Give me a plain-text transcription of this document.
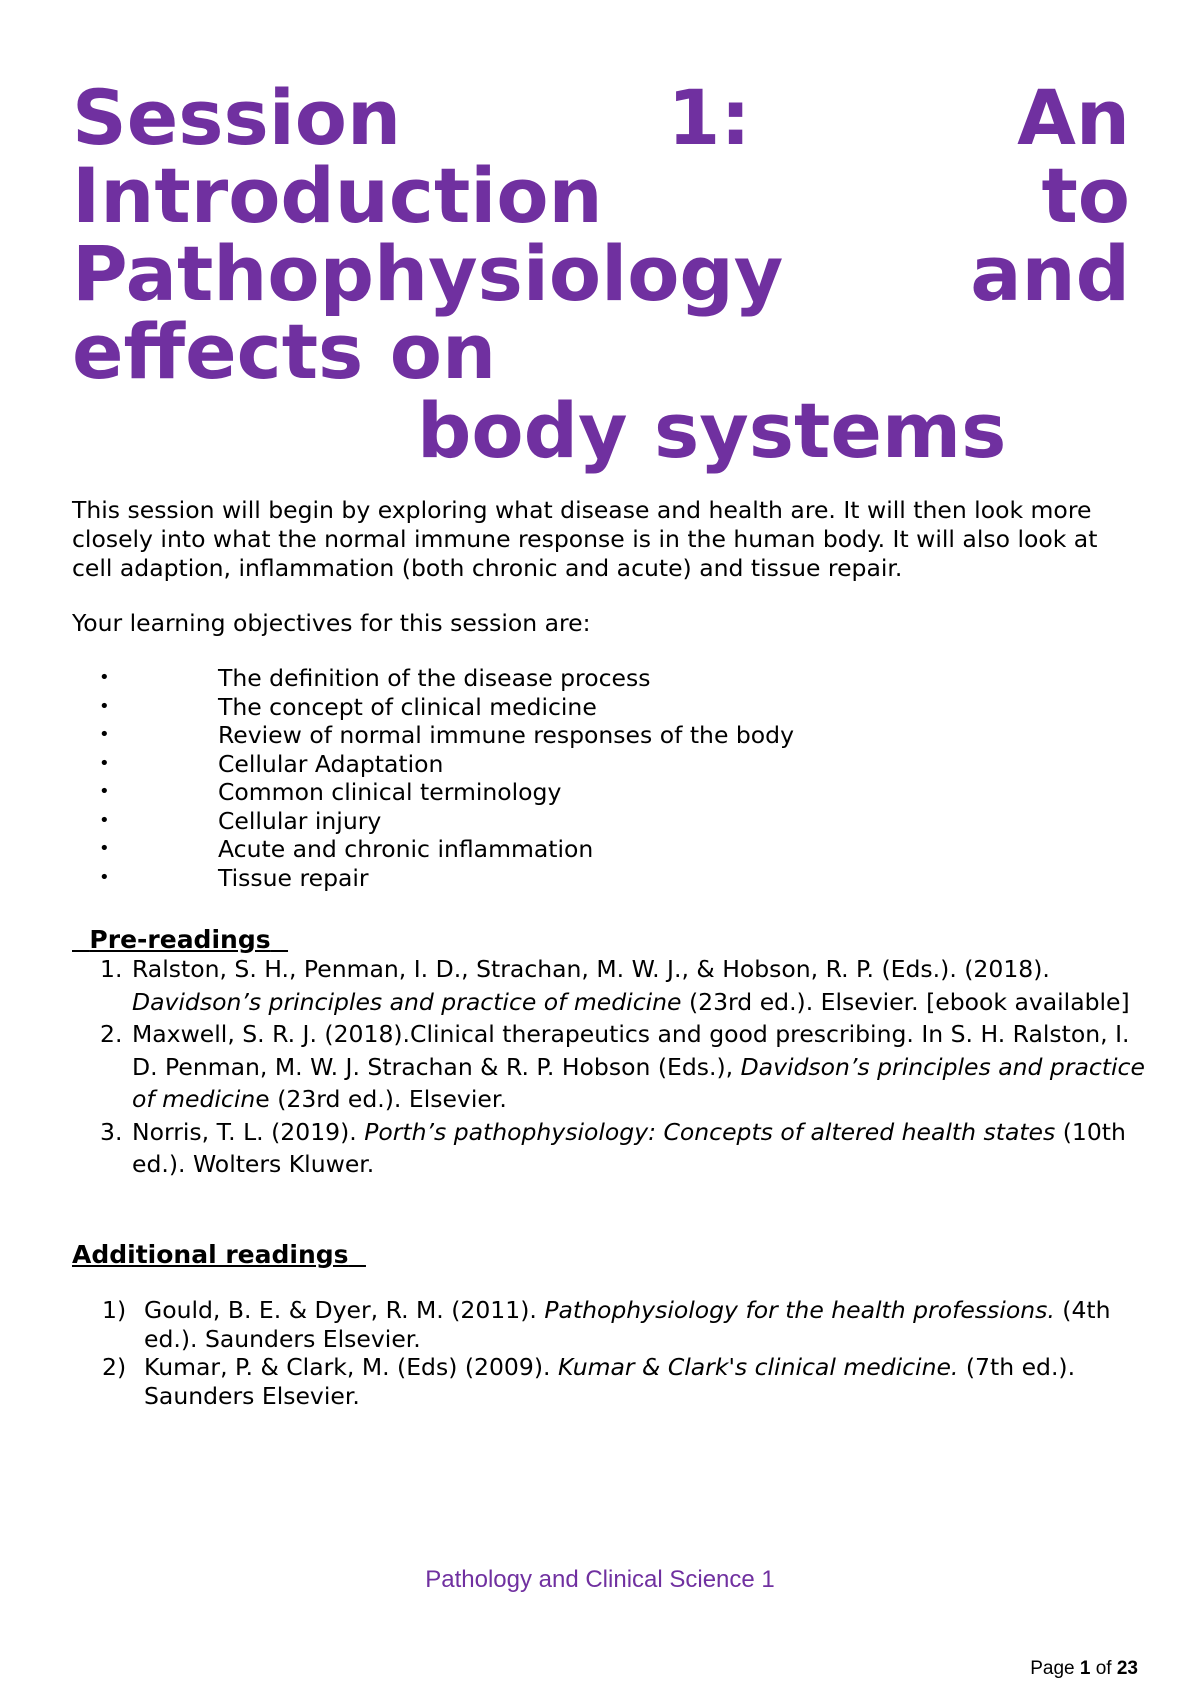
Session	1:	An
Introduction	to
Pathophysiology and
effects on
body systems

This session will begin by exploring what disease and health are. It will then look more closely into what the normal immune response is in the human body. It will also look at cell adaption, inflammation (both chronic and acute) and tissue repair.

Your learning objectives for this session are:

•	The definition of the disease process
•	The concept of clinical medicine
•	Review of normal immune responses of the body
•	Cellular Adaptation
•	Common clinical terminology
•	Cellular injury
•	Acute and chronic inflammation
•	Tissue repair
Pre-readings
1. Ralston, S. H., Penman, I. D., Strachan, M. W. J., & Hobson, R. P. (Eds.). (2018). Davidson’s principles and practice of medicine (23rd ed.). Elsevier. [ebook available]
2. Maxwell, S. R. J. (2018).Clinical therapeutics and good prescribing. In S. H. Ralston, I. D. Penman, M. W. J. Strachan & R. P. Hobson (Eds.), Davidson’s principles and practice of medicine (23rd ed.). Elsevier.
3. Norris, T. L. (2019). Porth’s pathophysiology: Concepts of altered health states (10th ed.). Wolters Kluwer.
Additional readings
1) Gould, B. E. & Dyer, R. M. (2011). Pathophysiology for the health professions. (4th ed.). Saunders Elsevier.
2) Kumar, P. & Clark, M. (Eds) (2009). Kumar & Clark's clinical medicine. (7th ed.). Saunders Elsevier.
Pathology and Clinical Science 1
Page 1 of 23
